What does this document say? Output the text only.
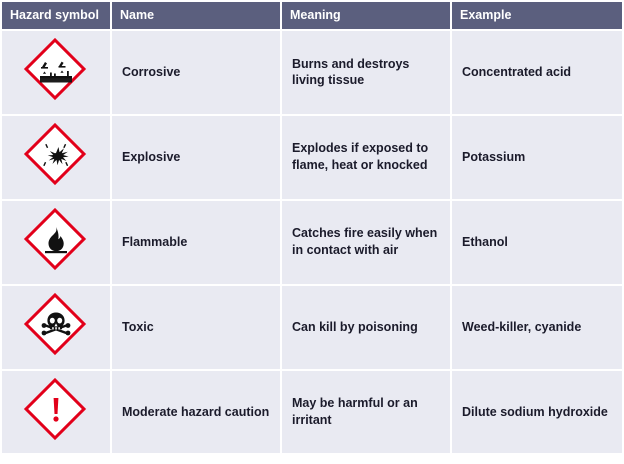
Hazard symbol	Name	Meaning	Example

	Corrosive	Burns and destroys living tissue	Concentrated acid

	Explosive	Explodes if exposed to flame, heat or knocked	Potassium

	Flammable	Catches fire easily when in contact with air	Ethanol

	Toxic	Can kill by poisoning	Weed-killer, cyanide

	Moderate hazard caution	May be harmful or an irritant	Dilute sodium hydroxide
